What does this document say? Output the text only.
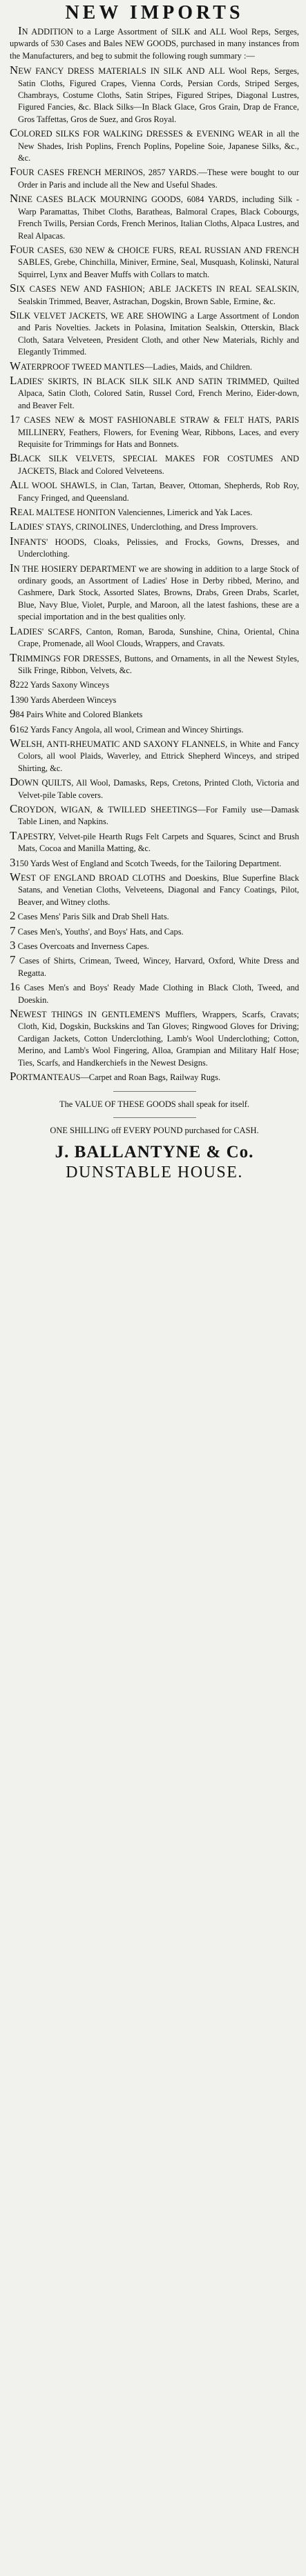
NEW IMPORTS

IN ADDITION to a Large Assortment of SILK and ALL Wool Reps, Serges, upwards of 530 Cases and Bales NEW GOODS, purchased in many instances from the Manufacturers, and beg to submit the following rough summary :—

NEW FANCY DRESS MATERIALS IN SILK AND ALL Wool Reps, Serges, Satin Cloths, Figured Crapes, Vienna Cords, Persian Cords, Striped Serges, Chambrays, Costume Cloths, Satin Stripes, Figured Stripes, Diagonal Lustres, Figured Fancies, &c. Black Silks—In Black Glace, Gros Grain, Drap de France, Gros Taffettas, Gros de Suez, and Gros Royal.

COLORED SILKS FOR WALKING DRESSES & EVENING WEAR in all the New Shades, Irish Poplins, French Poplins, Popeline Soie, Japanese Silks, &c., &c.

FOUR CASES FRENCH MERINOS, 2857 YARDS.—These were bought to our Order in Paris and include all the New and Useful Shades.

NINE CASES BLACK MOURNING GOODS, 6084 YARDS, including Silk - Warp Paramattas, Thibet Cloths, Baratheas, Balmoral Crapes, Black Cobourgs, French Twills, Persian Cords, French Merinos, Italian Cloths, Alpaca Lustres, and Real Alpacas.

FOUR CASES, 630 NEW & CHOICE FURS, REAL RUSSIAN AND FRENCH SABLES, Grebe, Chinchilla, Miniver, Ermine, Seal, Musquash, Kolinski, Natural Squirrel, Lynx and Beaver Muffs with Collars to match.

SIX CASES NEW AND FASHION; ABLE JACKETS IN REAL SEALSKIN, Sealskin Trimmed, Beaver, Astrachan, Dogskin, Brown Sable, Ermine, &c.

SILK VELVET JACKETS, WE ARE SHOWING a Large Assortment of London and Paris Novelties. Jackets in Polasina, Imitation Sealskin, Otterskin, Black Cloth, Satara Velveteen, President Cloth, and other New Materials, Richly and Elegantly Trimmed.

WATERPROOF TWEED MANTLES—Ladies, Maids, and Children.

LADIES' SKIRTS, IN BLACK SILK SILK AND SATIN TRIMMED, Quilted Alpaca, Satin Cloth, Colored Satin, Russel Cord, French Merino, Eider-down, and Beaver Felt.

17 CASES NEW & MOST FASHIONABLE STRAW & FELT HATS, PARIS MILLINERY, Feathers, Flowers, for Evening Wear, Ribbons, Laces, and every Requisite for Trimmings for Hats and Bonnets.

BLACK SILK VELVETS, SPECIAL MAKES FOR COSTUMES AND JACKETS, Black and Colored Velveteens.

ALL WOOL SHAWLS, in Clan, Tartan, Beaver, Ottoman, Shepherds, Rob Roy, Fancy Fringed, and Queensland.

REAL MALTESE HONITON Valenciennes, Limerick and Yak Laces.

LADIES' STAYS, CRINOLINES, Underclothing, and Dress Improvers.

INFANTS' HOODS, Cloaks, Pelissies, and Frocks, Gowns, Dresses, and Underclothing.

IN THE HOSIERY DEPARTMENT we are showing in addition to a large Stock of ordinary goods, an Assortment of Ladies' Hose in Derby ribbed, Merino, and Cashmere, Dark Stock, Assorted Slates, Browns, Drabs, Green Drabs, Scarlet, Blue, Navy Blue, Violet, Purple, and Maroon, all the latest fashions, these are a special importation and in the best qualities only.

LADIES' SCARFS, Canton, Roman, Baroda, Sunshine, China, Oriental, China Crape, Promenade, all Wool Clouds, Wrappers, and Cravats.

TRIMMINGS FOR DRESSES, Buttons, and Ornaments, in all the Newest Styles, Silk Fringe, Ribbon, Velvets, &c.

8222 Yards Saxony Winceys

1390 Yards Aberdeen Winceys

984 Pairs White and Colored Blankets

6162 Yards Fancy Angola, all wool, Crimean and Wincey Shirtings.

WELSH, ANTI-RHEUMATIC AND SAXONY FLANNELS, in White and Fancy Colors, all wool Plaids, Waverley, and Ettrick Shepherd Winceys, and striped Shirting, &c.

DOWN QUILTS, All Wool, Damasks, Reps, Cretons, Printed Cloth, Victoria and Velvet-pile Table covers.

CROYDON, WIGAN, & TWILLED SHEETINGS—For Family use—Damask Table Linen, and Napkins.

TAPESTRY, Velvet-pile Hearth Rugs Felt Carpets and Squares, Scinct and Brush Mats, Cocoa and Manilla Matting, &c.

3150 Yards West of England and Scotch Tweeds, for the Tailoring Department.

WEST OF ENGLAND BROAD CLOTHS and Doeskins, Blue Superfine Black Satans, and Venetian Cloths, Velveteens, Diagonal and Fancy Coatings, Pilot, Beaver, and Witney cloths.

2 Cases Mens' Paris Silk and Drab Shell Hats.

7 Cases Men's, Youths', and Boys' Hats, and Caps.

3 Cases Overcoats and Inverness Capes.

7 Cases of Shirts, Crimean, Tweed, Wincey, Harvard, Oxford, White Dress and Regatta.

16 Cases Men's and Boys' Ready Made Clothing in Black Cloth, Tweed, and Doeskin.

NEWEST THINGS IN GENTLEMEN'S Mufflers, Wrappers, Scarfs, Cravats; Cloth, Kid, Dogskin, Buckskins and Tan Gloves; Ringwood Gloves for Driving; Cardigan Jackets, Cotton Underclothing, Lamb's Wool Underclothing; Cotton, Merino, and Lamb's Wool Fingering, Alloa, Grampian and Military Half Hose; Ties, Scarfs, and Handkerchiefs in the Newest Designs.

PORTMANTEAUS—Carpet and Roan Bags, Railway Rugs.

The VALUE OF THESE GOODS shall speak for itself.

ONE SHILLING off EVERY POUND purchased for CASH.

J. BALLANTYNE & Co.
DUNSTABLE HOUSE.
